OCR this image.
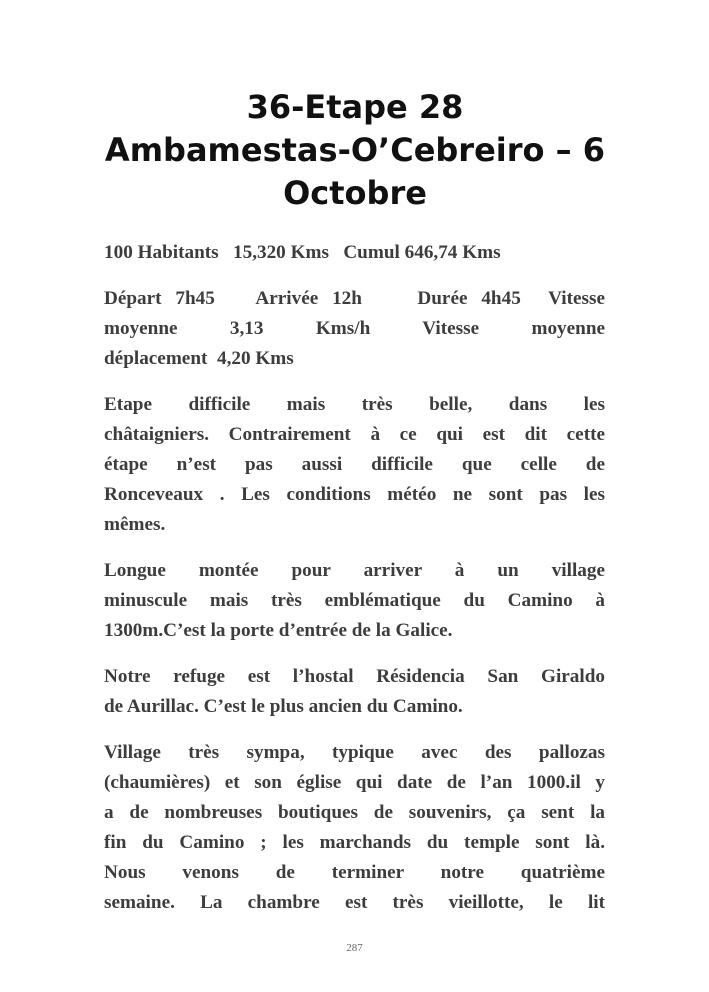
36-Etape 28
Ambamestas-O’Cebreiro – 6
Octobre

100 Habitants   15,320 Kms   Cumul 646,74 Kms

Départ 7h45   Arrivée 12h    Durée 4h45  Vitesse
moyenne    3,13    Kms/h    Vitesse    moyenne
déplacement  4,20 Kms

Etape difficile mais très belle, dans les
châtaigniers. Contrairement à ce qui est dit cette
étape n’est pas aussi difficile que celle de
Ronceveaux . Les conditions météo ne sont pas les
mêmes.

Longue montée pour arriver à un village
minuscule mais très emblématique du Camino à
1300m.C’est la porte d’entrée de la Galice.

Notre refuge est l’hostal Résidencia San Giraldo
de Aurillac. C’est le plus ancien du Camino.

Village très sympa, typique avec des pallozas
(chaumières) et son église qui date de l’an 1000.il y
a de nombreuses boutiques de souvenirs, ça sent la
fin du Camino ; les marchands du temple sont là.
Nous venons de terminer notre quatrième
semaine. La chambre est très vieillotte, le lit

287
